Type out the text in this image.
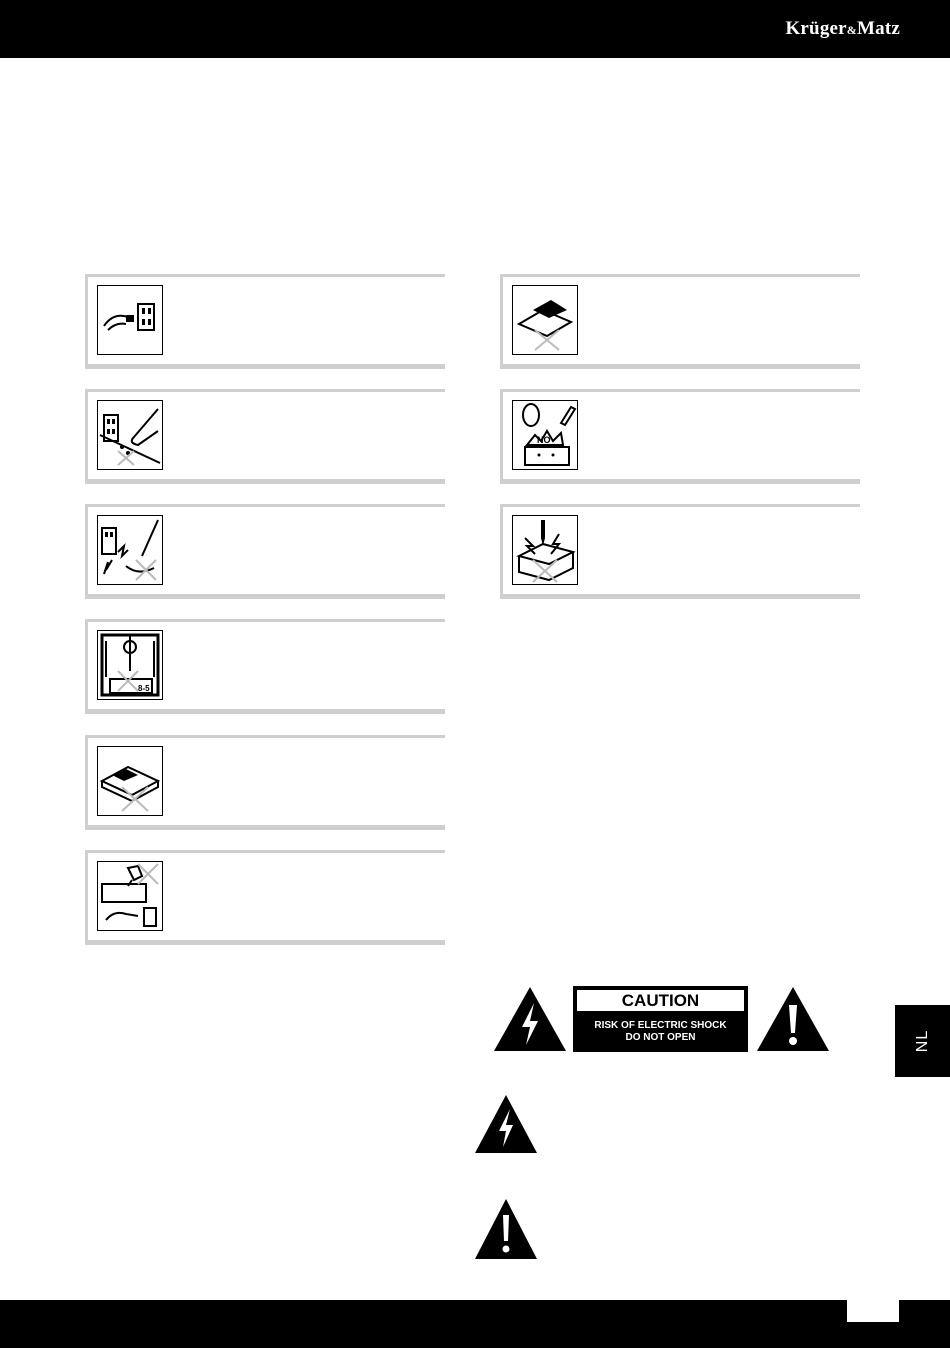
Krüger&Matz
8-5
NO
CAUTION
RISK OF ELECTRIC SHOCK
DO NOT OPEN	NL
